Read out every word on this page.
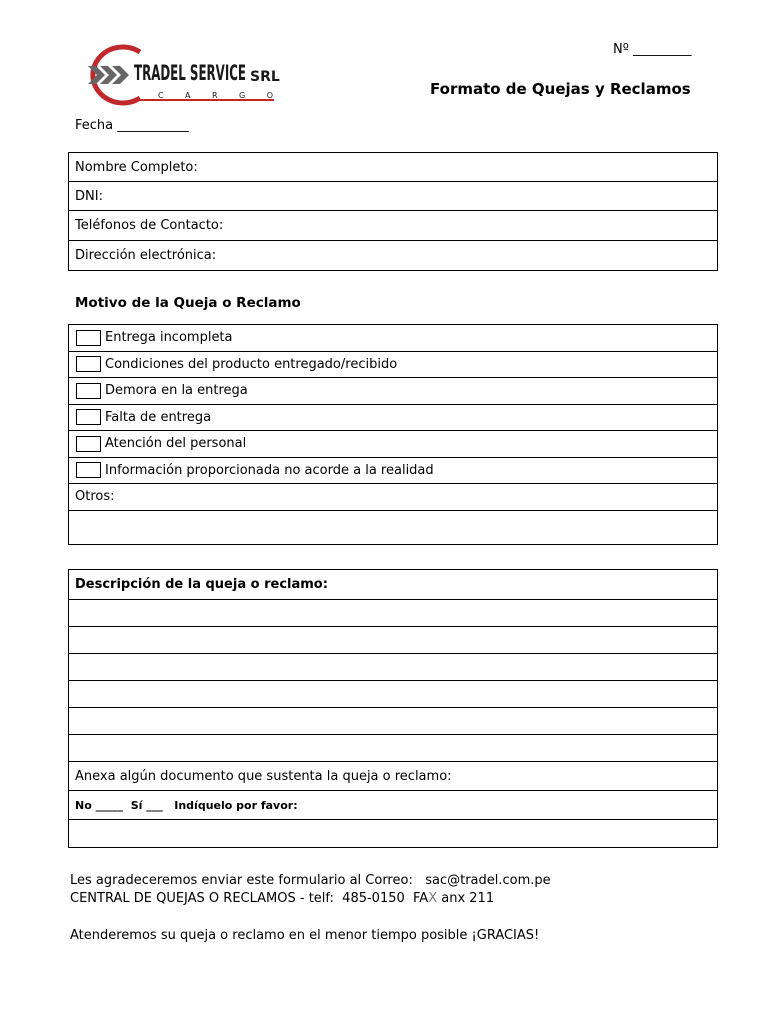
TRADEL SERVICE SRL
C A R G O
Nº _________
Formato de Quejas y Reclamos
Fecha ___________
Nombre Completo:
DNI:
Teléfonos de Contacto:
Dirección electrónica:
Motivo de la Queja o Reclamo
Entrega incompleta
Condiciones del producto entregado/recibido
Demora en la entrega
Falta de entrega
Atención del personal
Información proporcionada no acorde a la realidad
Otros:
Descripción de la queja o reclamo:
Anexa algún documento que sustenta la queja o reclamo:
No _____  Sí ___   Indíquelo por favor:
Les agradeceremos enviar este formulario al Correo:   sac@tradel.com.pe
CENTRAL DE QUEJAS O RECLAMOS - telf:  485-0150  FAX anx 211
Atenderemos su queja o reclamo en el menor tiempo posible ¡GRACIAS!
